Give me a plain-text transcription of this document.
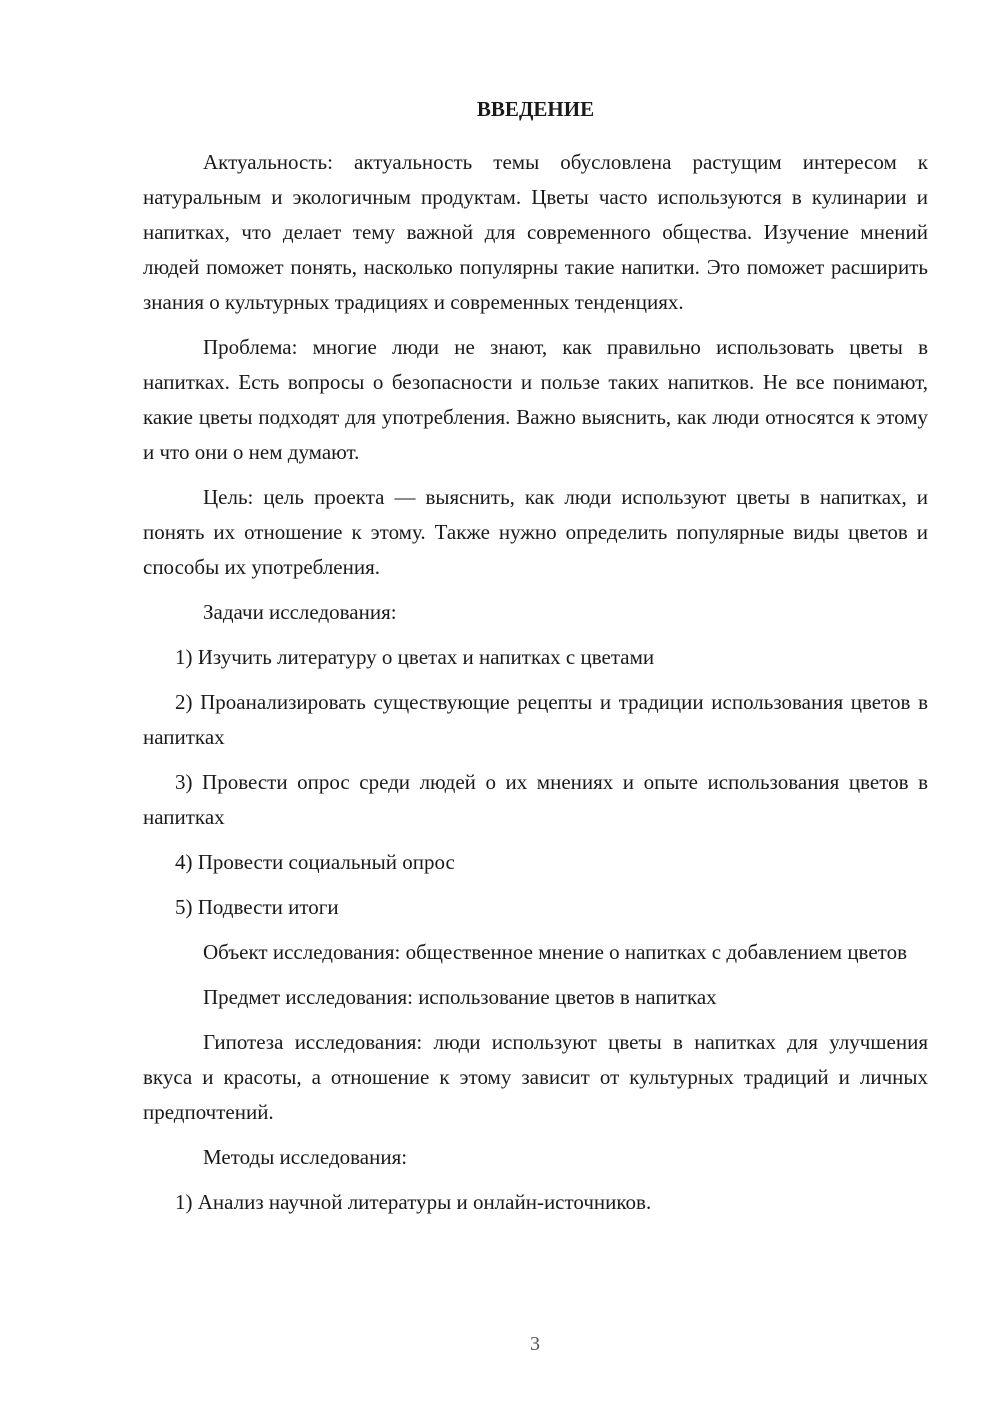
ВВЕДЕНИЕ

Актуальность: актуальность темы обусловлена растущим интересом к натуральным и экологичным продуктам. Цветы часто используются в кулинарии и напитках, что делает тему важной для современного общества. Изучение мнений людей поможет понять, насколько популярны такие напитки. Это поможет расширить знания о культурных традициях и современных тенденциях.

Проблема: многие люди не знают, как правильно использовать цветы в напитках. Есть вопросы о безопасности и пользе таких напитков. Не все понимают, какие цветы подходят для употребления. Важно выяснить, как люди относятся к этому и что они о нем думают.

Цель: цель проекта — выяснить, как люди используют цветы в напитках, и понять их отношение к этому. Также нужно определить популярные виды цветов и способы их употребления.

Задачи исследования:

1) Изучить литературу о цветах и напитках с цветами

2) Проанализировать существующие рецепты и традиции использования цветов в напитках

3) Провести опрос среди людей о их мнениях и опыте использования цветов в напитках

4) Провести социальный опрос

5) Подвести итоги

Объект исследования: общественное мнение о напитках с добавлением цветов

Предмет исследования: использование цветов в напитках

Гипотеза исследования: люди используют цветы в напитках для улучшения вкуса и красоты, а отношение к этому зависит от культурных традиций и личных предпочтений.

Методы исследования:

1) Анализ научной литературы и онлайн-источников.

3
